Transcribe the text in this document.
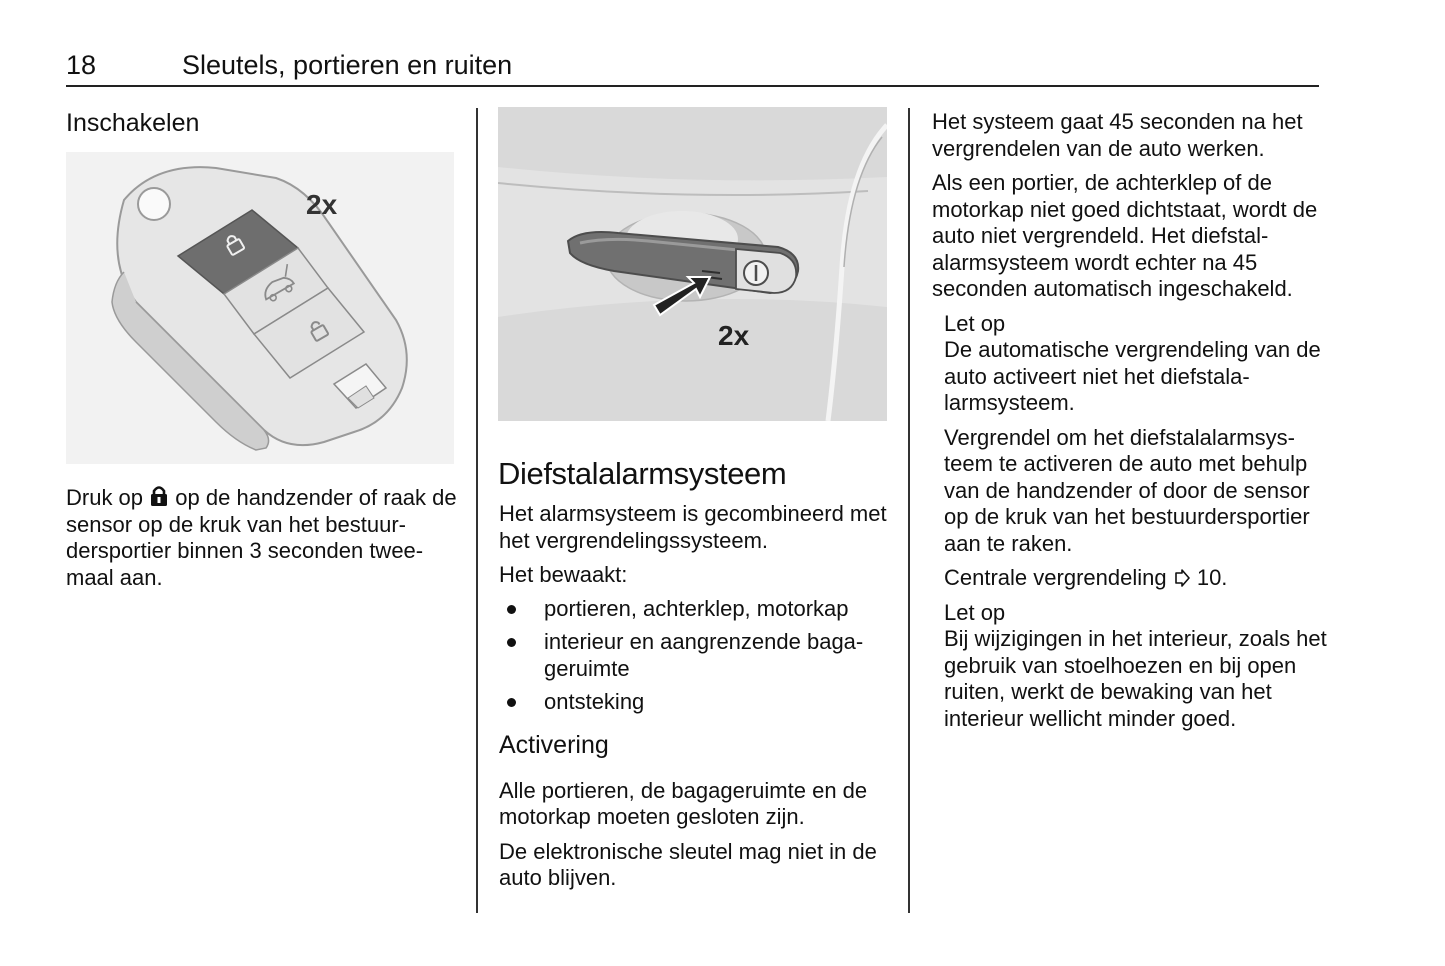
18	Sleutels, portieren en ruiten
Inschakelen
2x
Druk op op de handzender of raak de sensor op de kruk van het bestuurdersportier binnen 3 seconden tweemaal aan.
2x
Diefstalalarmsysteem

Het alarmsysteem is gecombineerd met het vergrendelingssysteem.

Het bewaakt:

portieren, achterklep, motorkap
interieur en aangrenzende bagageruimte
ontsteking
Activering

Alle portieren, de bagageruimte en de motorkap moeten gesloten zijn.

De elektronische sleutel mag niet in de auto blijven.

Het systeem gaat 45 seconden na het vergrendelen van de auto werken.

Als een portier, de achterklep of de motorkap niet goed dichtstaat, wordt de auto niet vergrendeld. Het diefstalalarmsysteem wordt echter na 45 seconden automatisch ingeschakeld.

Let op

De automatische vergrendeling van de auto activeert niet het diefstalalarmsysteem.

Vergrendel om het diefstalalarmsysteem te activeren de auto met behulp van de handzender of door de sensor op de kruk van het bestuurdersportier aan te raken.

Centrale vergrendeling 10.

Let op

Bij wijzigingen in het interieur, zoals het gebruik van stoelhoezen en bij open ruiten, werkt de bewaking van het interieur wellicht minder goed.
